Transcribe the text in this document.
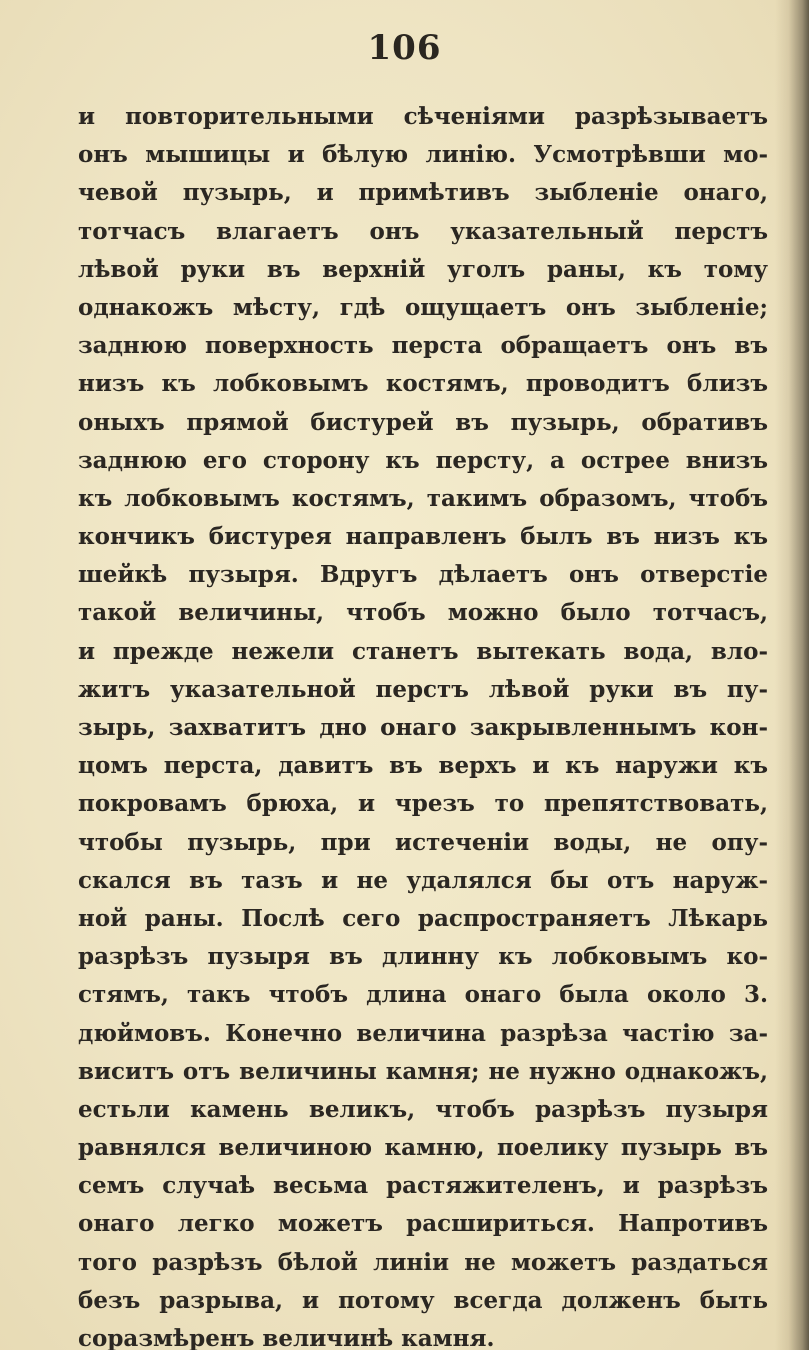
106
и повторительными сѣченіями разрѣзываетъ
онъ мышицы и бѣлую линію. Усмотрѣвши мо-
чевой пузырь, и примѣтивъ зыбленіе онаго,
тотчасъ влагаетъ онъ указательный перстъ
лѣвой руки въ верхній уголъ раны, къ тому
однакожъ мѣсту, гдѣ ощущаетъ онъ зыбленіе;
заднюю поверхность перста обращаетъ онъ въ
низъ къ лобковымъ костямъ, проводитъ близъ
оныхъ прямой бистурей въ пузырь, обративъ
заднюю его сторону къ персту, а острее внизъ
къ лобковымъ костямъ, такимъ образомъ, чтобъ
кончикъ бистурея направленъ былъ въ низъ къ
шейкѣ пузыря. Вдругъ дѣлаетъ онъ отверстіе
такой величины, чтобъ можно было тотчасъ,
и прежде нежели станетъ вытекать вода, вло-
житъ указательной перстъ лѣвой руки въ пу-
зырь, захватитъ дно онаго закрывленнымъ кон-
цомъ перста, давитъ въ верхъ и къ наружи къ
покровамъ брюха, и чрезъ то препятствовать,
чтобы пузырь, при истеченіи воды, не опу-
скался въ тазъ и не удалялся бы отъ наруж-
ной раны. Послѣ сего распространяетъ Лѣкарь
разрѣзъ пузыря въ длинну къ лобковымъ ко-
стямъ, такъ чтобъ длина онаго была около 3.
дюймовъ. Конечно величина разрѣза частію за-
виситъ отъ величины камня; не нужно однакожъ,
естьли камень великъ, чтобъ разрѣзъ пузыря
равнялся величиною камню, поелику пузырь въ
семъ случаѣ весьма растяжителенъ, и разрѣзъ
онаго легко можетъ расшириться. Напротивъ
того разрѣзъ бѣлой линіи не можетъ раздаться
безъ разрыва, и потому всегда долженъ быть
соразмѣренъ величинѣ камня.
